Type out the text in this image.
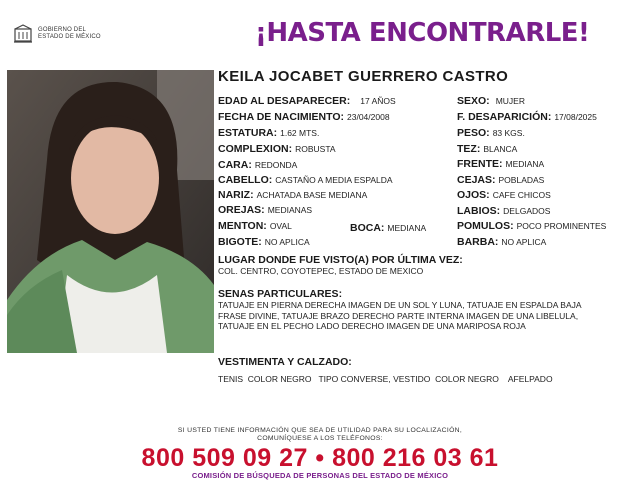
GOBIERNO DEL
ESTADO DE MÉXICO	¡HASTA ENCONTRARLE!
KEILA JOCABET GUERRERO CASTRO
EDAD AL DESAPARECER: 17 AÑOS
FECHA DE NACIMIENTO: 23/04/2008
ESTATURA: 1.62 MTS.
COMPLEXION: ROBUSTA
CARA: REDONDA
CABELLO: CASTAÑO A MEDIA ESPALDA
NARIZ: ACHATADA BASE MEDIANA
OREJAS: MEDIANAS
MENTON: OVAL	BOCA: MEDIANA
BIGOTE: NO APLICA
SEXO: MUJER
F. DESAPARICIÓN: 17/08/2025
PESO: 83 KGS.
TEZ: BLANCA
FRENTE: MEDIANA
CEJAS: POBLADAS
OJOS: CAFE CHICOS
LABIOS: DELGADOS
POMULOS: POCO PROMINENTES
BARBA: NO APLICA
LUGAR DONDE FUE VISTO(A) POR ÚLTIMA VEZ:
COL. CENTRO, COYOTEPEC, ESTADO DE MEXICO
SENAS PARTICULARES:
TATUAJE EN PIERNA DERECHA IMAGEN DE UN SOL Y LUNA, TATUAJE EN ESPALDA BAJA
FRASE DIVINE, TATUAJE BRAZO DERECHO PARTE INTERNA IMAGEN DE UNA LIBELULA,
TATUAJE EN EL PECHO LADO DERECHO IMAGEN DE UNA MARIPOSA ROJA
VESTIMENTA Y CALZADO:
TENIS  COLOR NEGRO   TIPO CONVERSE, VESTIDO  COLOR NEGRO    AFELPADO
SI USTED TIENE INFORMACIÓN QUE SEA DE UTILIDAD PARA SU LOCALIZACIÓN,
COMUNÍQUESE A LOS TELÉFONOS:
800 509 09 27 • 800 216 03 61
COMISIÓN DE BÚSQUEDA DE PERSONAS DEL ESTADO DE MÉXICO
